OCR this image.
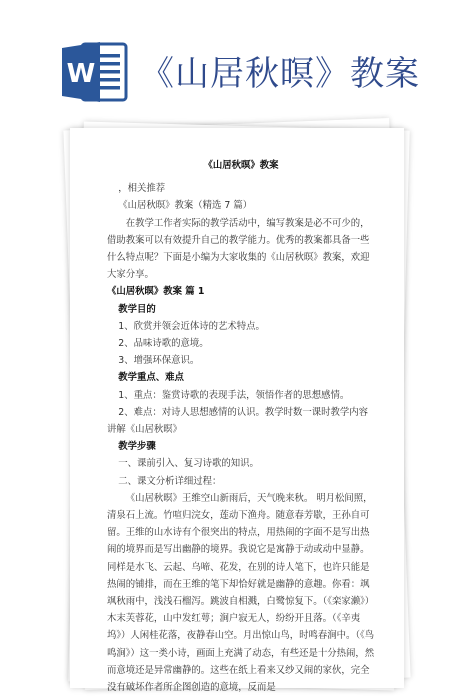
W 《山居秋暝》教案

《山居秋暝》教案

，相关推荐

《山居秋暝》教案（精选 7 篇）

在教学工作者实际的教学活动中，编写教案是必不可少的，借助教案可以有效提升自己的教学能力。优秀的教案都具备一些什么特点呢？下面是小编为大家收集的《山居秋暝》教案，欢迎大家分享。

《山居秋暝》教案 篇 1

教学目的

1、欣赏并领会近体诗的艺术特点。

2、品味诗歌的意境。

3、增强环保意识。

教学重点、难点

1、重点：鉴赏诗歌的表现手法，领悟作者的思想感情。

2、难点：对诗人思想感情的认识。教学时数一课时教学内容讲解《山居秋暝》

教学步骤

一、课前引入、复习诗歌的知识。

二、课文分析详细过程：

《山居秋暝》王维空山新雨后，天气晚来秋。 明月松间照，清泉石上流。竹喧归浣女，莲动下渔舟。随意春芳歇，王孙自可留。王维的山水诗有个很突出的特点，用热闹的字面不是写出热闹的境界而是写出幽静的境界。我说它是寓静于动或动中显静。同样是水飞、云起、乌啼、花发，在别的诗人笔下，也许只能是热闹的铺排，而在王维的笔下却恰好就是幽静的意趣。你看：飒飒秋雨中，浅浅石榴泻。跳波自相溅，白鹭惊复下。（《栾家濑》）木末芙蓉花，山中发红萼；涧户寂无人，纷纷开且落。（《辛夷坞》）人闲桂花落，夜静春山空。月出惊山鸟，时鸣春涧中。（《鸟鸣涧》）这一类小诗，画面上充满了动态，有些还是十分热闹，然而意境还是异常幽静的。这些在纸上看来又纱又闹的家伙，完全没有破坏作者所企图创造的意境，反而是
